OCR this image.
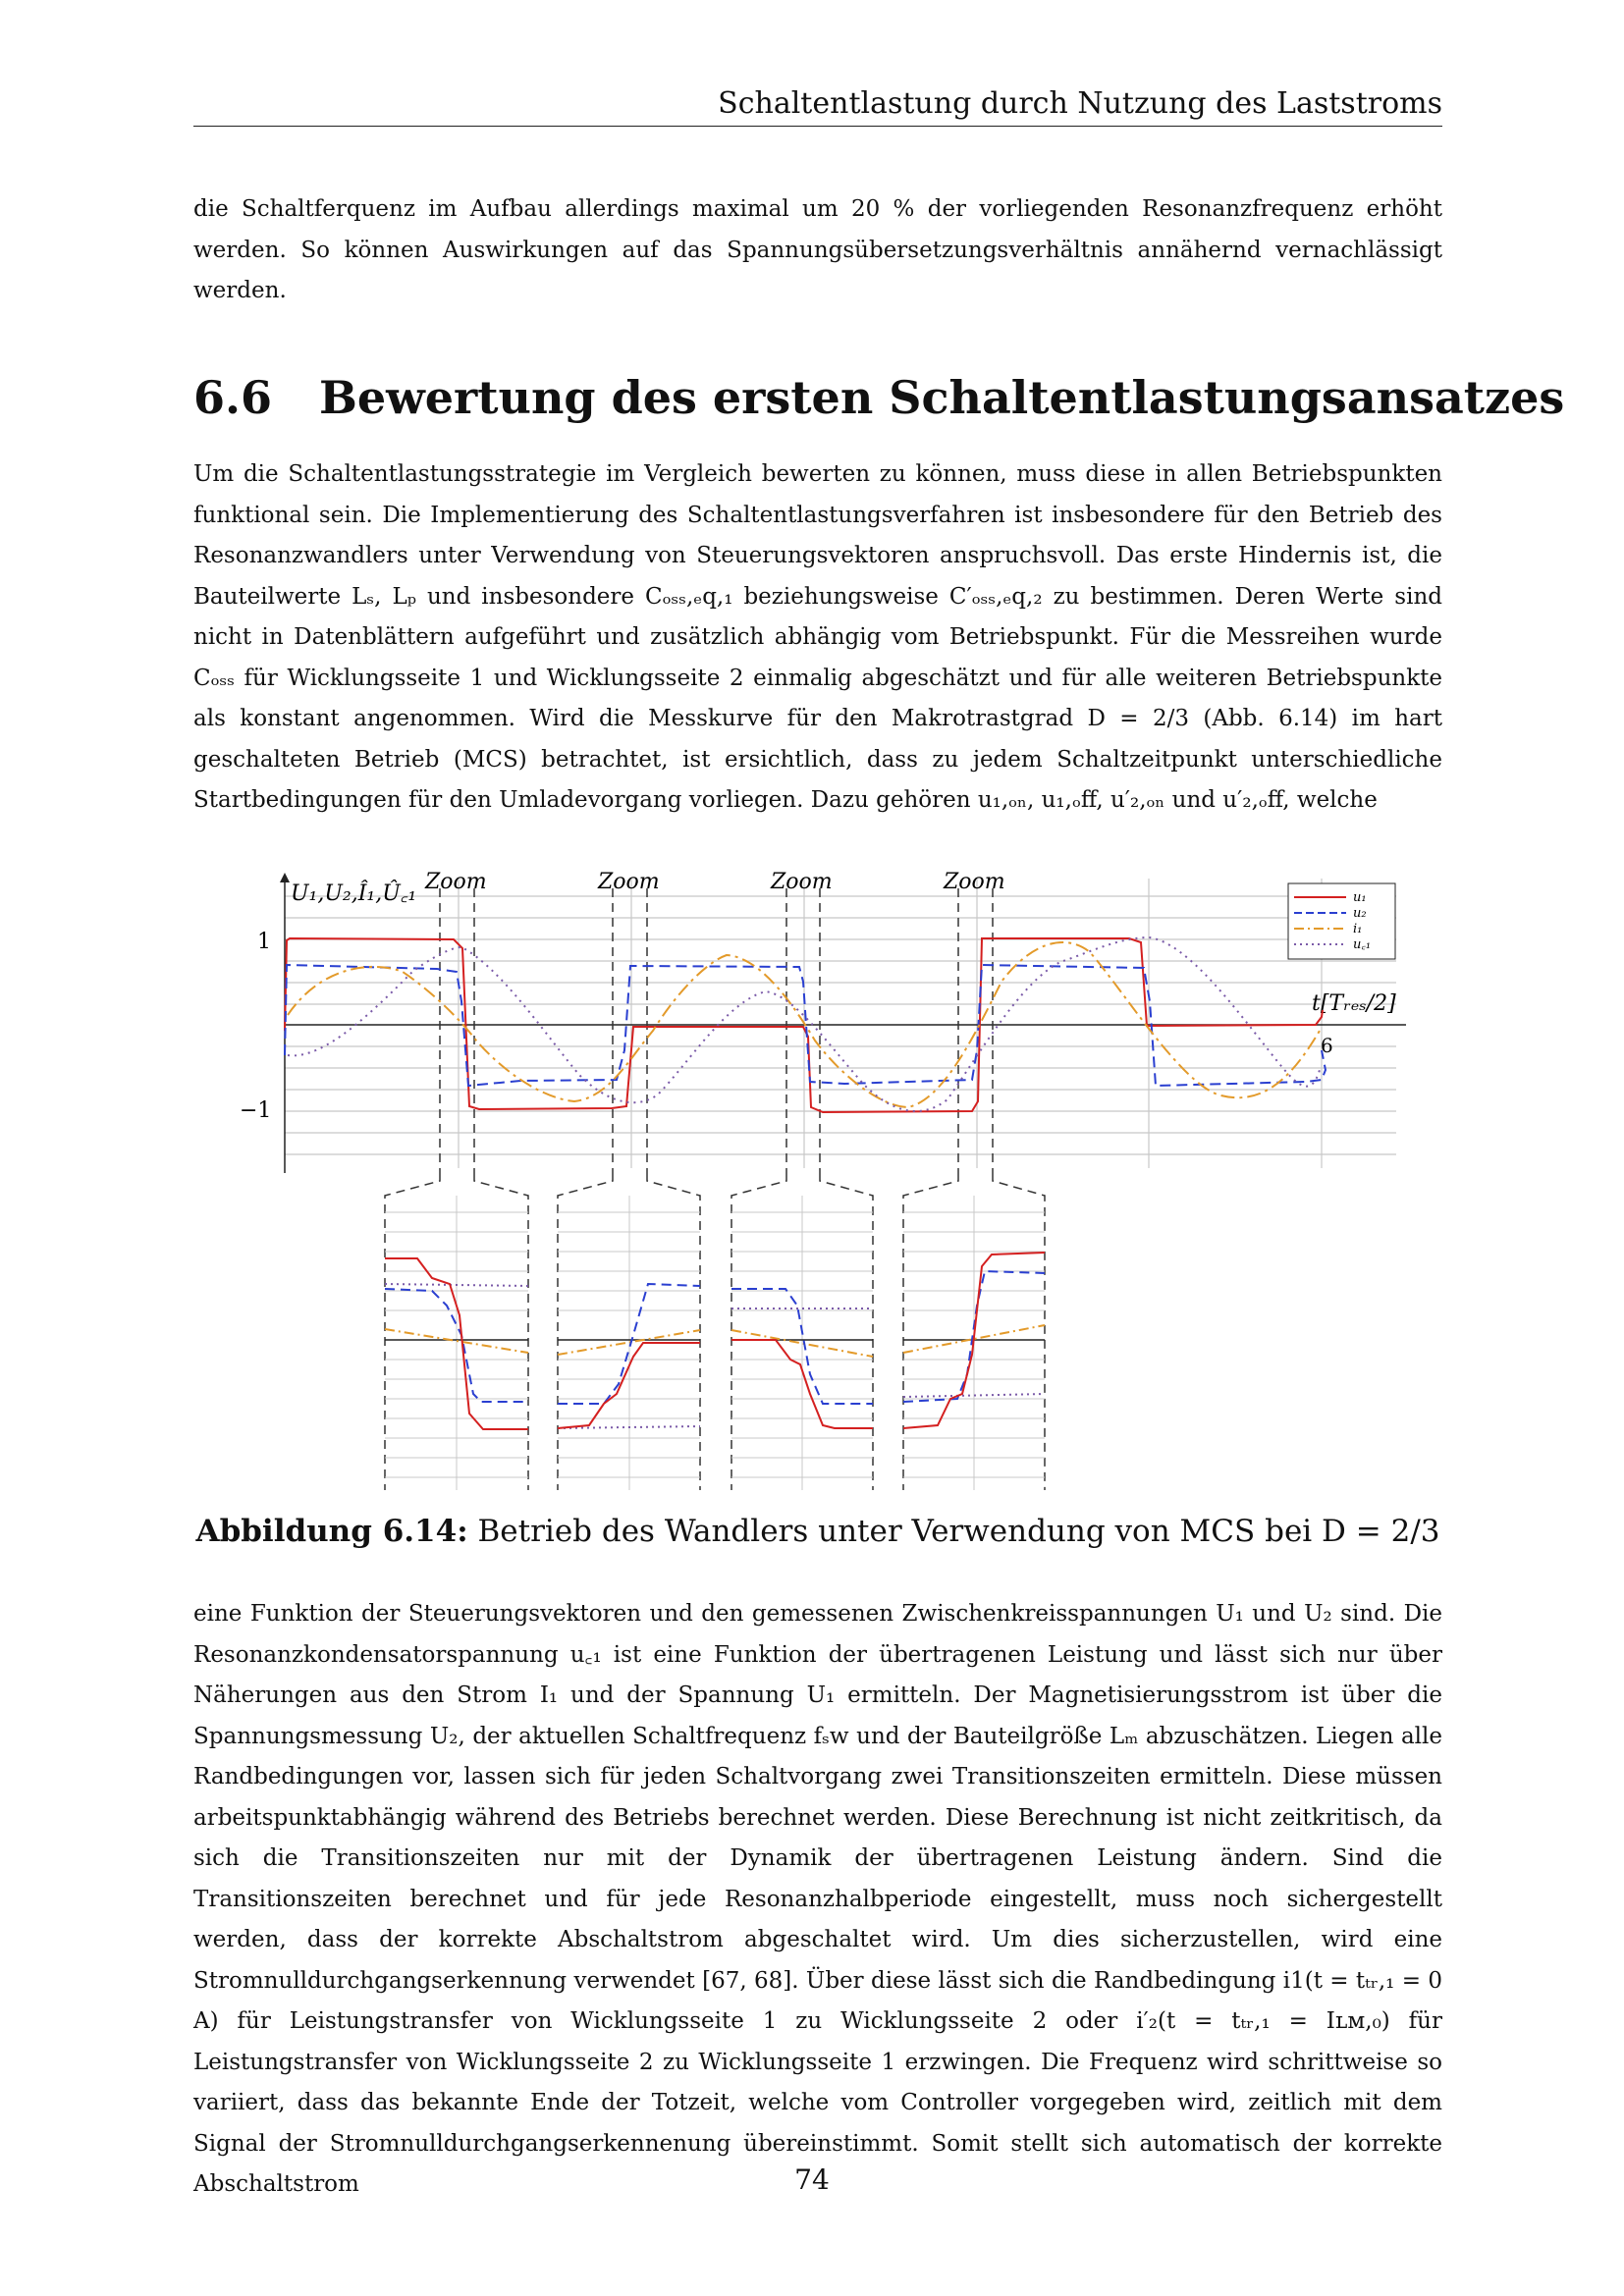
Schaltentlastung durch Nutzung des Laststroms

die Schaltferquenz im Aufbau allerdings maximal um 20 % der vorliegenden Resonanzfrequenz erhöht werden. So können Auswirkungen auf das Spannungsübersetzungsverhältnis annähernd vernachlässigt werden.

6.6 Bewertung des ersten Schaltentlastungsansatzes

Um die Schaltentlastungsstrategie im Vergleich bewerten zu können, muss diese in allen Betriebspunkten funktional sein. Die Implementierung des Schaltentlastungsverfahren ist insbesondere für den Betrieb des Resonanzwandlers unter Verwendung von Steuerungsvektoren anspruchsvoll. Das erste Hindernis ist, die Bauteilwerte Lₛ, Lₚ und insbesondere Cₒₛₛ,ₑq,₁ beziehungsweise C′ₒₛₛ,ₑq,₂ zu bestimmen. Deren Werte sind nicht in Datenblättern aufgeführt und zusätzlich abhängig vom Betriebspunkt. Für die Messreihen wurde Cₒₛₛ für Wicklungsseite 1 und Wicklungsseite 2 einmalig abgeschätzt und für alle weiteren Betriebspunkte als konstant angenommen. Wird die Messkurve für den Makrotrastgrad D = 2/3 (Abb. 6.14) im hart geschalteten Betrieb (MCS) betrachtet, ist ersichtlich, dass zu jedem Schaltzeitpunkt unterschiedliche Startbedingungen für den Umladevorgang vorliegen. Dazu gehören u₁,ₒₙ, u₁,ₒff, u′₂,ₒₙ und u′₂,ₒff, welche

U₁,U₂,Î₁,Û꜀₁ Zoom	Zoom	Zoom	Zoom
1
−1
t[Tᵣₑₛ/2]
6
u₁
u₂
i₁
u꜀₁
Abbildung 6.14: Betrieb des Wandlers unter Verwendung von MCS bei D = 2/3

eine Funktion der Steuerungsvektoren und den gemessenen Zwischenkreisspannungen U₁ und U₂ sind. Die Resonanzkondensatorspannung u꜀₁ ist eine Funktion der übertragenen Leistung und lässt sich nur über Näherungen aus den Strom I₁ und der Spannung U₁ ermitteln. Der Magnetisierungsstrom ist über die Spannungsmessung U₂, der aktuellen Schaltfrequenz fₛw und der Bauteilgröße Lₘ abzuschätzen. Liegen alle Randbedingungen vor, lassen sich für jeden Schaltvorgang zwei Transitionszeiten ermitteln. Diese müssen arbeitspunktabhängig während des Betriebs berechnet werden. Diese Berechnung ist nicht zeitkritisch, da sich die Transitionszeiten nur mit der Dynamik der übertragenen Leistung ändern. Sind die Transitionszeiten berechnet und für jede Resonanzhalbperiode eingestellt, muss noch sichergestellt werden, dass der korrekte Abschaltstrom abgeschaltet wird. Um dies sicherzustellen, wird eine Stromnulldurchgangserkennung verwendet [67, 68]. Über diese lässt sich die Randbedingung i1(t = tₜᵣ,₁ = 0 A) für Leistungstransfer von Wicklungsseite 1 zu Wicklungsseite 2 oder i′₂(t = tₜᵣ,₁ = Iʟᴍ,₀) für Leistungstransfer von Wicklungsseite 2 zu Wicklungsseite 1 erzwingen. Die Frequenz wird schrittweise so variiert, dass das bekannte Ende der Totzeit, welche vom Controller vorgegeben wird, zeitlich mit dem Signal der Stromnulldurchgangserkennenung übereinstimmt. Somit stellt sich automatisch der korrekte Abschaltstrom	74
